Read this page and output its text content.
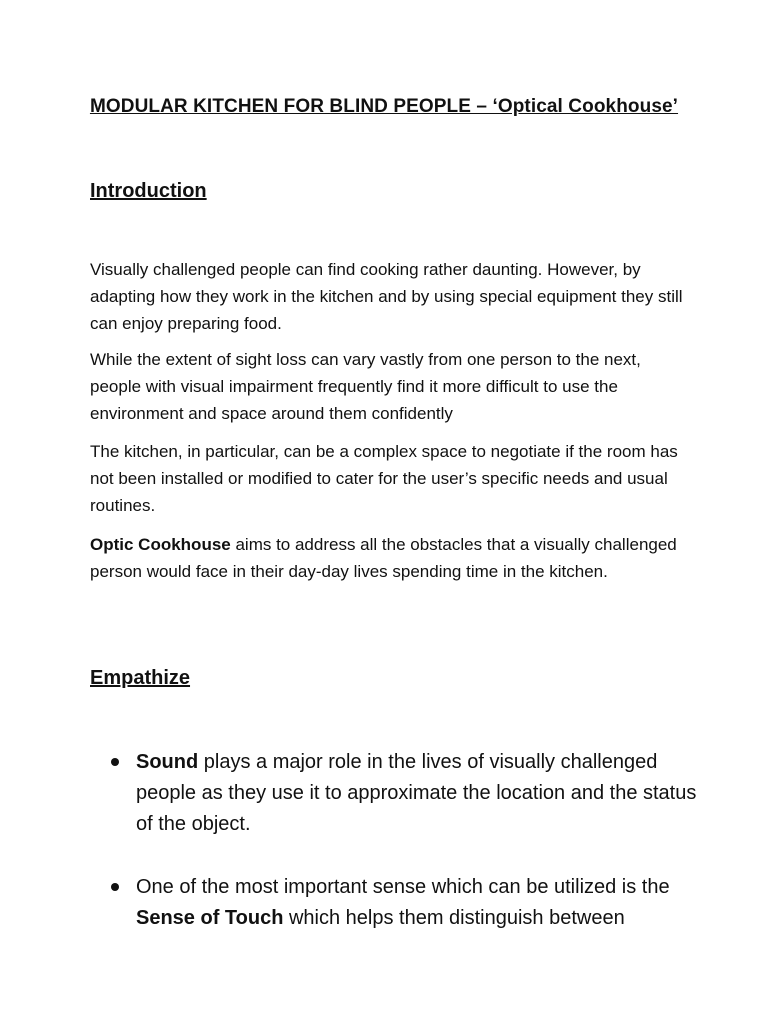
MODULAR KITCHEN FOR BLIND PEOPLE – ‘Optical Cookhouse’
Introduction

Visually challenged people can find cooking rather daunting. However, by adapting how they work in the kitchen and by using special equipment they still can enjoy preparing food.

While the extent of sight loss can vary vastly from one person to the next, people with visual impairment frequently find it more difficult to use the environment and space around them confidently

The kitchen, in particular, can be a complex space to negotiate if the room has not been installed or modified to cater for the user’s specific needs and usual routines.

Optic Cookhouse aims to address all the obstacles that a visually challenged person would face in their day-day lives spending time in the kitchen.

Empathize
Sound plays a major role in the lives of visually challenged people as they use it to approximate the location and the status of the object.
One of the most important sense which can be utilized is the Sense of Touch which helps them distinguish between
